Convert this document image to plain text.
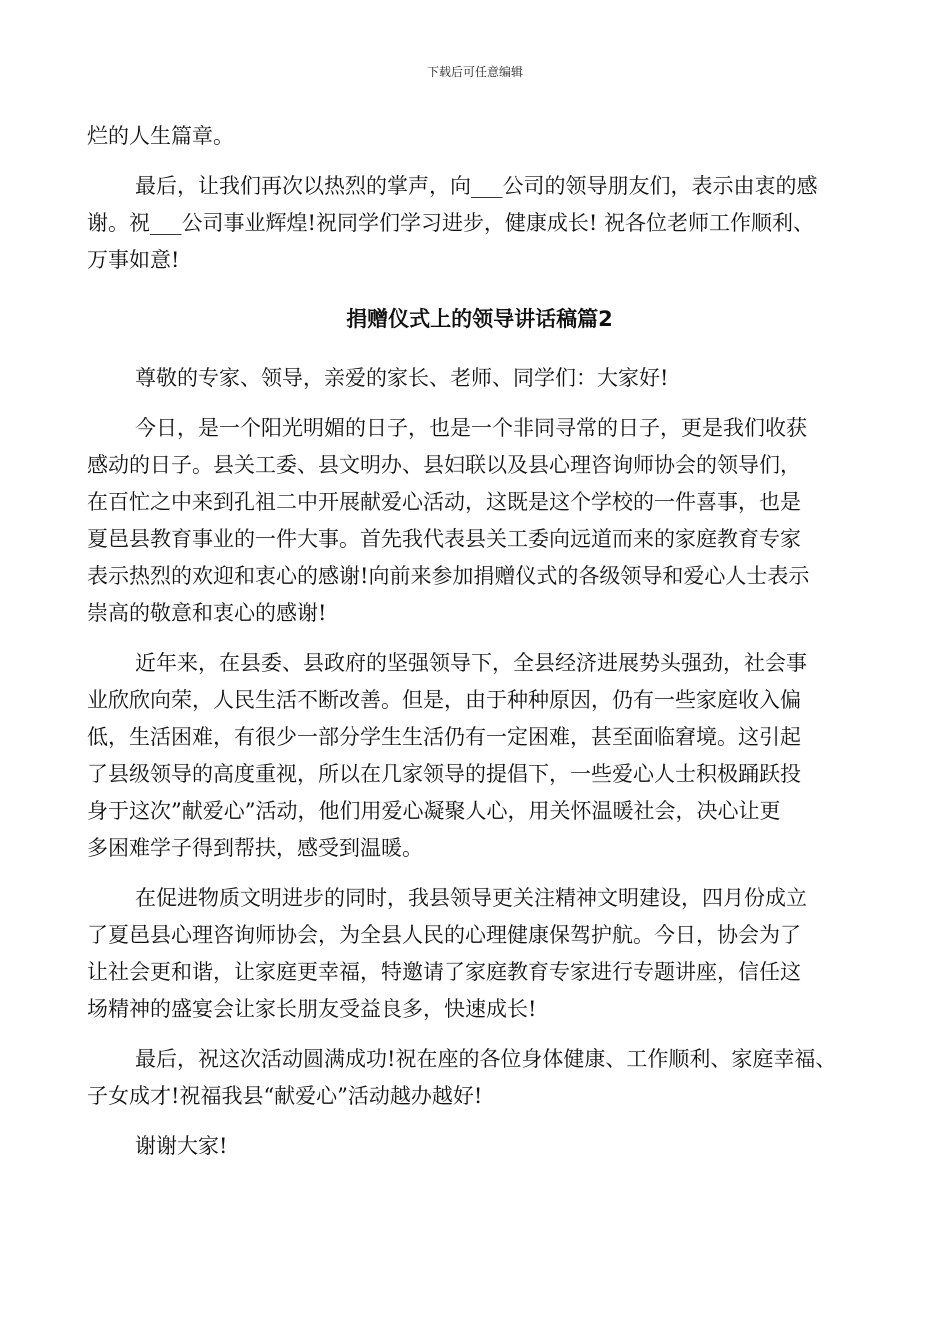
下载后可任意编辑

烂的人生篇章。

最后，让我们再次以热烈的掌声，向___公司的领导朋友们，表示由衷的感
谢。祝___公司事业辉煌!祝同学们学习进步，健康成长! 祝各位老师工作顺利、
万事如意!

捐赠仪式上的领导讲话稿篇2

尊敬的专家、领导，亲爱的家长、老师、同学们：大家好!

今日，是一个阳光明媚的日子，也是一个非同寻常的日子，更是我们收获
感动的日子。县关工委、县文明办、县妇联以及县心理咨询师协会的领导们，
在百忙之中来到孔祖二中开展献爱心活动，这既是这个学校的一件喜事，也是
夏邑县教育事业的一件大事。首先我代表县关工委向远道而来的家庭教育专家
表示热烈的欢迎和衷心的感谢!向前来参加捐赠仪式的各级领导和爱心人士表示
崇高的敬意和衷心的感谢!

近年来，在县委、县政府的坚强领导下，全县经济进展势头强劲，社会事
业欣欣向荣，人民生活不断改善。但是，由于种种原因，仍有一些家庭收入偏
低，生活困难，有很少一部分学生生活仍有一定困难，甚至面临窘境。这引起
了县级领导的高度重视，所以在几家领导的提倡下，一些爱心人士积极踊跃投
身于这次”献爱心”活动，他们用爱心凝聚人心，用关怀温暖社会，决心让更
多困难学子得到帮扶，感受到温暖。

在促进物质文明进步的同时，我县领导更关注精神文明建设，四月份成立
了夏邑县心理咨询师协会，为全县人民的心理健康保驾护航。今日，协会为了
让社会更和谐，让家庭更幸福，特邀请了家庭教育专家进行专题讲座，信任这
场精神的盛宴会让家长朋友受益良多，快速成长!

最后，祝这次活动圆满成功!祝在座的各位身体健康、工作顺利、家庭幸福、
子女成才!祝福我县“献爱心”活动越办越好!

谢谢大家!
